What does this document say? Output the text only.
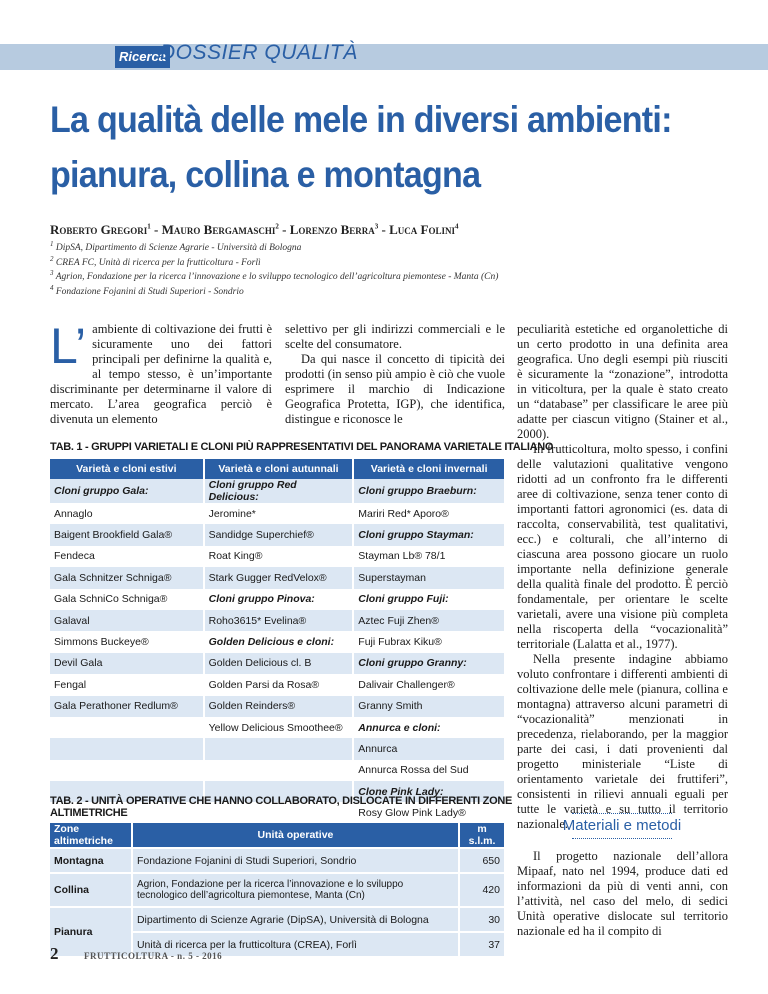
Ricerca
DOSSIER QUALITÀ
La qualità delle mele in diversi ambienti:
pianura, collina e montagna
Roberto Gregori$^1$ - Mauro Bergamaschi$^2$ - Lorenzo Berra$^3$ - Luca Folini$^4$
$^1$ DipSA, Dipartimento di Scienze Agrarie - Università di Bologna
$^2$ CREA FC, Unità di ricerca per la frutticoltura - Forlì
$^3$ Agrion, Fondazione per la ricerca l’innovazione e lo sviluppo tecnologico dell’agricoltura piemontese - Manta (Cn)
$^4$ Fondazione Fojanini di Studi Superiori - Sondrio
L’ ambiente di coltivazione dei frutti è sicuramente uno dei fattori principali per definirne la qualità e, al tempo stesso, è un’importante discriminante per determinarne il valore di mercato. L’area geografica perciò è divenuta un elemento

selettivo per gli indirizzi commerciali e le scelte del consumatore.

Da qui nasce il concetto di tipicità dei prodotti (in senso più ampio è ciò che vuole esprimere il marchio di Indicazione Geografica Protetta, IGP), che identifica, distingue e riconosce le

peculiarità estetiche ed organolettiche di un certo prodotto in una definita area geografica. Uno degli esempi più riusciti è sicuramente la “zonazione”, introdotta in viticoltura, per la quale è stato creato un “database” per classificare le aree più adatte per ciascun vitigno (Stainer et al., 2000).

In frutticoltura, molto spesso, i confini delle valutazioni qualitative vengono ridotti ad un confronto fra le differenti aree di coltivazione, senza tener conto di importanti fattori agronomici (es. data di raccolta, conservabilità, test qualitativi, ecc.) e colturali, che all’interno di ciascuna area possono giocare un ruolo importante nella definizione generale della qualità finale del prodotto. È perciò fondamentale, per orientare le scelte varietali, avere una visione più completa nella riscoperta della “vocazionalità” territoriale (Lalatta et al., 1977).

Nella presente indagine abbiamo voluto confrontare i differenti ambienti di coltivazione delle mele (pianura, collina e montagna) attraverso alcuni parametri di “vocazionalità” menzionati in precedenza, rielaborando, per la maggior parte dei casi, i dati provenienti dal progetto ministeriale “Liste di orientamento varietale dei fruttiferi”, consistenti in rilievi annuali eguali per tutte le varietà e su tutto il territorio nazionale.

Materiali e metodi

Il progetto nazionale dell’allora Mipaaf, nato nel 1994, produce dati ed informazioni da più di venti anni, con l’attività, nel caso del melo, di sedici Unità operative dislocate sul territorio nazionale ed ha il compito di

TAB. 1 - GRUPPI VARIETALI E CLONI PIÙ RAPPRESENTATIVI DEL PANORAMA VARIETALE ITALIANO
Varietà e cloni estivi	Varietà e cloni autunnali	Varietà e cloni invernali
Cloni gruppo Gala:	Cloni gruppo Red Delicious:	Cloni gruppo Braeburn:
Annaglo	Jeromine*	Mariri Red* Aporo®
Baigent Brookfield Gala®	Sandidge Superchief®	Cloni gruppo Stayman:
Fendeca	Roat King®	Stayman Lb® 78/1
Gala Schnitzer Schniga®	Stark Gugger RedVelox®	Superstayman
Gala SchniCo Schniga®	Cloni gruppo Pinova:	Cloni gruppo Fuji:
Galaval	Roho3615* Evelina®	Aztec Fuji Zhen®
Simmons Buckeye®	Golden Delicious e cloni:	Fuji Fubrax Kiku®
Devil Gala	Golden Delicious cl. B	Cloni gruppo Granny:
Fengal	Golden Parsi da Rosa®	Dalivair Challenger®
Gala Perathoner Redlum®	Golden Reinders®	Granny Smith
	Yellow Delicious Smoothee®	Annurca e cloni:
		Annurca
		Annurca Rossa del Sud
		Clone Pink Lady:
		Rosy Glow Pink Lady®
TAB. 2 - UNITÀ OPERATIVE CHE HANNO COLLABORATO, DISLOCATE IN DIFFERENTI ZONE
ALTIMETRICHE
Zone altimetriche	Unità operative	m s.l.m.
Montagna	Fondazione Fojanini di Studi Superiori, Sondrio	650
Collina	Agrion, Fondazione per la ricerca l’innovazione e lo sviluppo tecnologico dell’agricoltura piemontese, Manta (Cn)	420
Pianura	Dipartimento di Scienze Agrarie (DipSA), Università di Bologna	30
	Unità di ricerca per la frutticoltura (CREA), Forlì	37
2	FRUTTICOLTURA - n. 5 - 2016
